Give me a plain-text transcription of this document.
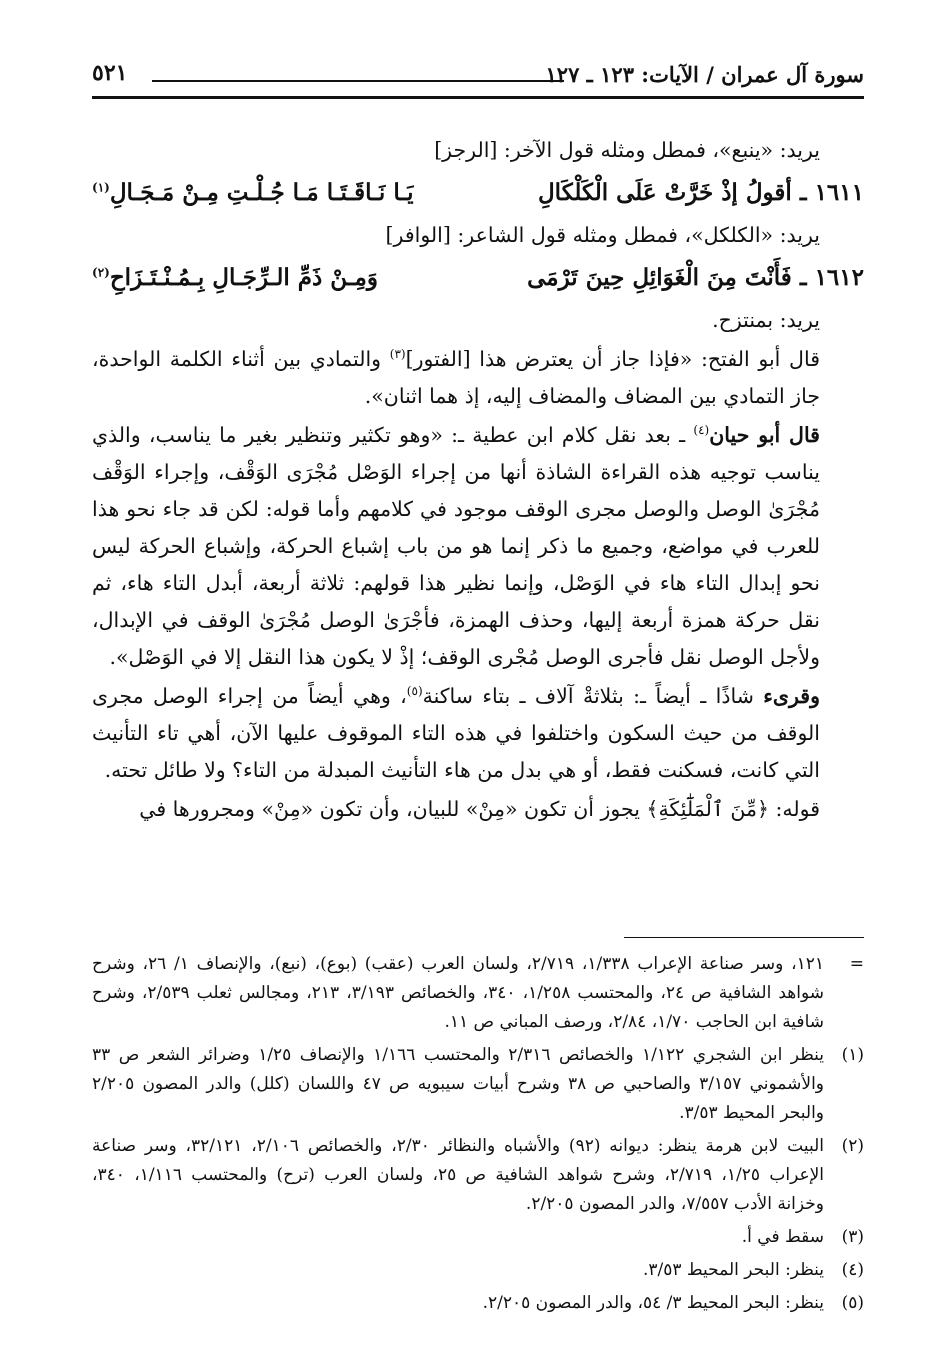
سورة آل عمران / الآيات: ١٢٣ ـ ١٢٧
٥٢١

يريد: «ينبع»، فمطل ومثله قول الآخر: [الرجز]

١٦١١ ـ أقولُ إذْ خَرَّتْ عَلَى الْكَلْكَالِ
يَـا نَـاقَـتَـا مَـا جُـلْـتِ مِـنْ مَـجَـالِ$^{(١)}$

يريد: «الكلكل»، فمطل ومثله قول الشاعر: [الوافر]

١٦١٢ ـ فَأَنْتَ مِنَ الْغَوَائِلِ حِينَ تَرْمَى
وَمِـنْ ذَمِّ الـرِّجَـالِ بِـمُـنْـتَـزَاحِ$^{(٢)}$

يريد: بمنتزح.

قال أبو الفتح: «فإذا جاز أن يعترض هذا [الفتور]$^{(٣)}$ والتمادي بين أثناء الكلمة الواحدة، جاز التمادي بين المضاف والمضاف إليه، إذ هما اثنان».

قال أبو حيان$^{(٤)}$ ـ بعد نقل كلام ابن عطية ـ: «وهو تكثير وتنظير بغير ما يناسب، والذي يناسب توجيه هذه القراءة الشاذة أنها من إجراء الوَصْل مُجْرَى الوَقْف، وإجراء الوَقْف مُجْرَىٰ الوصل والوصل مجرى الوقف موجود في كلامهم وأما قوله: لكن قد جاء نحو هذا للعرب في مواضع، وجميع ما ذكر إنما هو من باب إشباع الحركة، وإشباع الحركة ليس نحو إبدال التاء هاء في الوَصْل، وإنما نظير هذا قولهم: ثلاثة أربعة، أبدل التاء هاء، ثم نقل حركة همزة أربعة إليها، وحذف الهمزة، فأجْرَىٰ الوصل مُجْرَىٰ الوقف في الإبدال، ولأجل الوصل نقل فأجرى الوصل مُجْرى الوقف؛ إذْ لا يكون هذا النقل إلا في الوَصْل».

وقرىء شاذًا ـ أيضاً ـ: بثلاثةْ آلاف ـ بتاء ساكنة$^{(٥)}$، وهي أيضاً من إجراء الوصل مجرى الوقف من حيث السكون واختلفوا في هذه التاء الموقوف عليها الآن، أهي تاء التأنيث التي كانت، فسكنت فقط، أو هي بدل من هاء التأنيث المبدلة من التاء؟ ولا طائل تحته.

قوله: ﴿مِّنَ ٱلْمَلَٰٓئِكَةِ﴾ يجوز أن تكون «مِنْ» للبيان، وأن تكون «مِنْ» ومجرورها في

=
١٢١، وسر صناعة الإعراب ١/٣٣٨، ٢/٧١٩، ولسان العرب (عقب) (بوع)، (نبع)، والإنصاف ١/ ٢٦، وشرح شواهد الشافية ص ٢٤، والمحتسب ١/٢٥٨، ٣٤٠، والخصائص ٣/١٩٣، ٢١٣، ومجالس ثعلب ٢/٥٣٩، وشرح شافية ابن الحاجب ١/٧٠، ٢/٨٤، ورصف المباني ص ١١.
(١)
ينظر ابن الشجري ١/١٢٢ والخصائص ٢/٣١٦ والمحتسب ١/١٦٦ والإنصاف ١/٢٥ وضرائر الشعر ص ٣٣ والأشموني ٣/١٥٧ والصاحبي ص ٣٨ وشرح أبيات سيبويه ص ٤٧ واللسان (كلل) والدر المصون ٢/٢٠٥ والبحر المحيط ٣/٥٣.
(٢)
البيت لابن هرمة ينظر: ديوانه (٩٢) والأشباه والنظائر ٢/٣٠، والخصائص ٢/١٠٦، ٣٢/١٢١، وسر صناعة الإعراب ١/٢٥، ٢/٧١٩، وشرح شواهد الشافية ص ٢٥، ولسان العرب (ترح) والمحتسب ١/١١٦، ٣٤٠، وخزانة الأدب ٧/٥٥٧، والدر المصون ٢/٢٠٥.
(٣)
سقط في أ.
(٤)
ينظر: البحر المحيط ٣/٥٣.
(٥)
ينظر: البحر المحيط ٣/ ٥٤، والدر المصون ٢/٢٠٥.
